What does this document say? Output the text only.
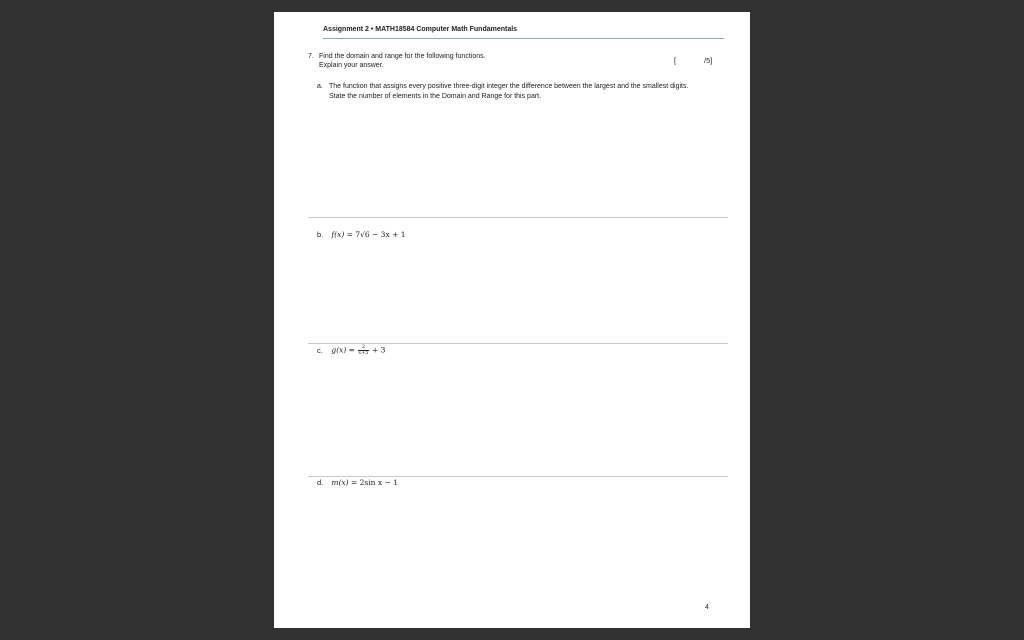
Assignment 2 • MATH18584 Computer Math Fundamentals
7. Find the domain and range for the following functions.
Explain your answer.
[	/5]
a. The function that assigns every positive three-digit integer the difference between the largest and the smallest digits. State the number of elements in the Domain and Range for this part.
b. f(x) = 7√6 − 3x + 1
c. $g(x) = \frac{2}{x+5} + 3$
d. m(x) = 2sin x − 1
4
